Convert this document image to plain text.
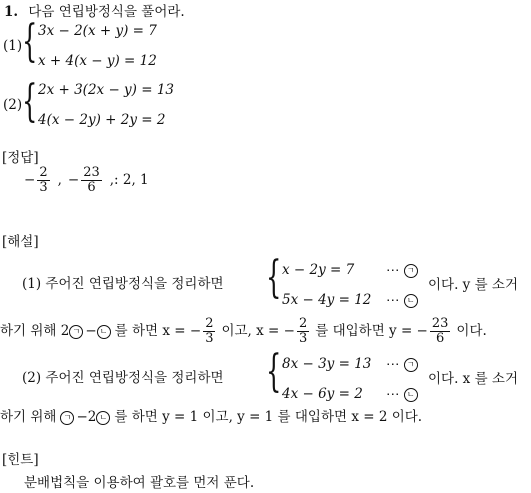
1. 다음 연립방정식을 풀어라.
(1) { 3x − 2(x + y) = 7
x + 4(x − y) = 12
(2) { 2x + 3(2x − y) = 13
4(x − 2y) + 2y = 2
[정답]
− $\frac{2}{3}$ , − $\frac{23}{6}$ ,: 2, 1
[해설]
(1) 주어진 연립방정식을 정리하면 { x − 2y = 7 ⋯ ㄱ
5x − 4y = 12 ⋯ ㄴ
이다. y 를 소거
하기 위해 2 ㄱ − ㄴ 를 하면 x = − $\frac{2}{3}$ 이고, x = − $\frac{2}{3}$ 를 대입하면 y = − $\frac{23}{6}$ 이다.
(2) 주어진 연립방정식을 정리하면 { 8x − 3y = 13 ⋯ ㄱ
4x − 6y = 2 ⋯ ㄴ
이다. x 를 소거
하기 위해 ㄱ −2 ㄴ 를 하면 y = 1 이고, y = 1 를 대입하면 x = 2 이다.
[힌트]
분배법칙을 이용하여 괄호를 먼저 푼다.
